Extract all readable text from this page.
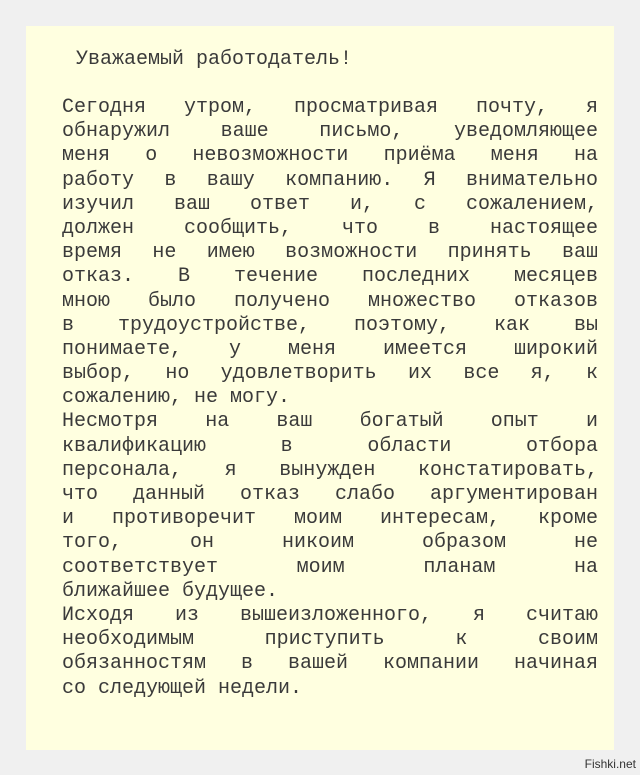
Уважаемый работодатель!

Сегодня утром, просматривая почту, я
обнаружил ваше письмо, уведомляющее
меня о невозможности приёма меня на
работу в вашу компанию. Я внимательно
изучил ваш ответ и, с сожалением,
должен сообщить, что в настоящее
время не имею возможности принять ваш
отказ. В течение последних месяцев
мною было получено множество отказов
в трудоустройстве, поэтому, как вы
понимаете, у меня имеется широкий
выбор, но удовлетворить их все я, к
сожалению, не могу.
Несмотря на ваш богатый опыт и
квалификацию в области отбора
персонала, я вынужден констатировать,
что данный отказ слабо аргументирован
и противоречит моим интересам, кроме
того, он никоим образом не
соответствует моим планам на
ближайшее будущее.
Исходя из вышеизложенного, я считаю
необходимым приступить к своим
обязанностям в вашей компании начиная
со следующей недели.
Fishki.net
